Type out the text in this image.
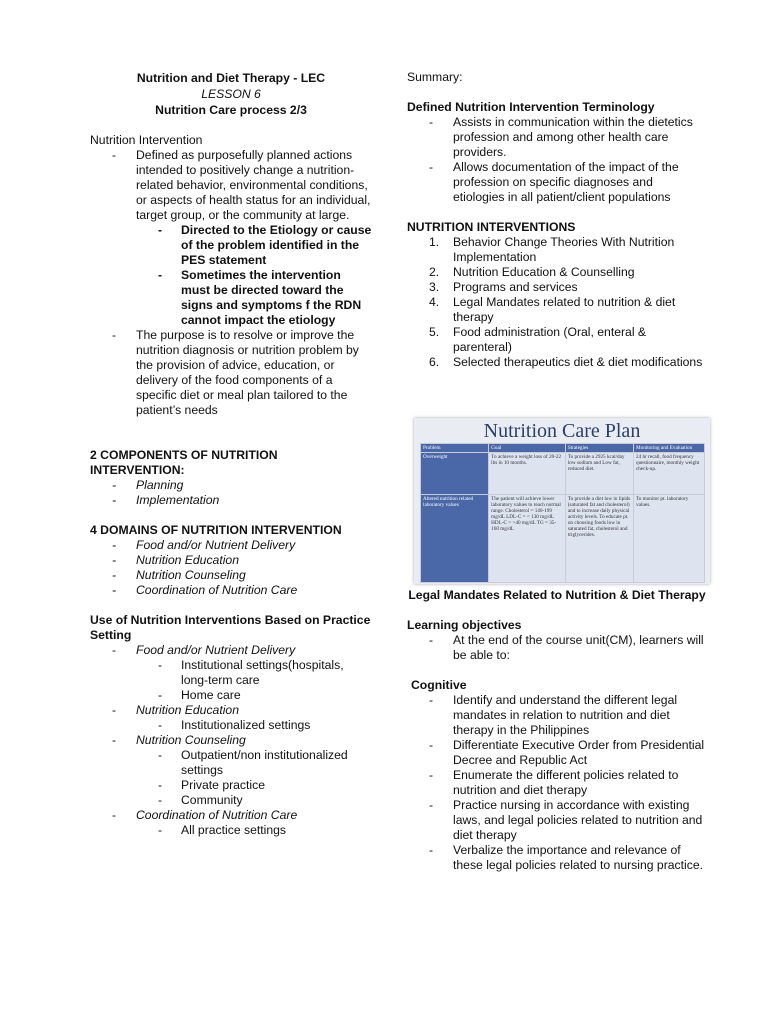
Nutrition and Diet Therapy - LEC
LESSON 6
Nutrition Care process 2/3

Nutrition Intervention

- Defined as purposefully planned actions intended to positively change a nutrition-related behavior, environmental conditions, or aspects of health status for an individual, target group, or the community at large.
- Directed to the Etiology or cause of the problem identified in the PES statement
- Sometimes the intervention must be directed toward the signs and symptoms f the RDN cannot impact the etiology
- The purpose is to resolve or improve the nutrition diagnosis or nutrition problem by the provision of advice, education, or delivery of the food components of a specific diet or meal plan tailored to the patient’s needs

2 COMPONENTS OF NUTRITION INTERVENTION:

- Planning
- Implementation

4 DOMAINS OF NUTRITION INTERVENTION

- Food and/or Nutrient Delivery
- Nutrition Education
- Nutrition Counseling
- Coordination of Nutrition Care

Use of Nutrition Interventions Based on Practice Setting

- Food and/or Nutrient Delivery
- Institutional settings(hospitals, long-term care
- Home care
- Nutrition Education
- Institutionalized settings
- Nutrition Counseling
- Outpatient/non institutionalized settings
- Private practice
- Community
- Coordination of Nutrition Care
- All practice settings

Summary:

Defined Nutrition Intervention Terminology

- Assists in communication within the dietetics profession and among other health care providers.
- Allows documentation of the impact of the profession on specific diagnoses and etiologies in all patient/client populations

NUTRITION INTERVENTIONS

1. Behavior Change Theories With Nutrition Implementation
2. Nutrition Education & Counselling
3. Programs and services
4. Legal Mandates related to nutrition & diet therapy
5. Food administration (Oral, enteral & parenteral)
6. Selected therapeutics diet & diet modifications
Legal Mandates Related to Nutrition & Diet Therapy

Learning objectives

- At the end of the course unit(CM), learners will be able to:

Cognitive

- Identify and understand the different legal mandates in relation to nutrition and diet therapy in the Philippines
- Differentiate Executive Order from Presidential Decree and Republic Act
- Enumerate the different policies related to nutrition and diet therapy
- Practice nursing in accordance with existing laws, and legal policies related to nutrition and diet therapy
- Verbalize the importance and relevance of these legal policies related to nursing practice.
Nutrition Care Plan
Problem	Goal	Strategies	Monitoring and Evaluation
Overweight	To achieve a weight loss of 20-22 lbs in 10 months.	To provide a 2925 kcal/day low sodium and Low fat, reduced diet.	24 hr recall, food frequency questionnaire, monthly weight check-up.
Altered nutrition related laboratory values	The patient will achieve lower laboratory values to reach normal range. Cholesterol = 140-199 mg/dL LDL-C = < 130 mg/dL HDL-C = >40 mg/dL TG = 35-160 mg/dL	To provide a diet low in lipids (saturated fat and cholesterol) and to increase daily physical activity levels. To educate pt. on choosing foods low in saturated fat, cholesterol and triglycerides.	To monitor pt. laboratory values.
